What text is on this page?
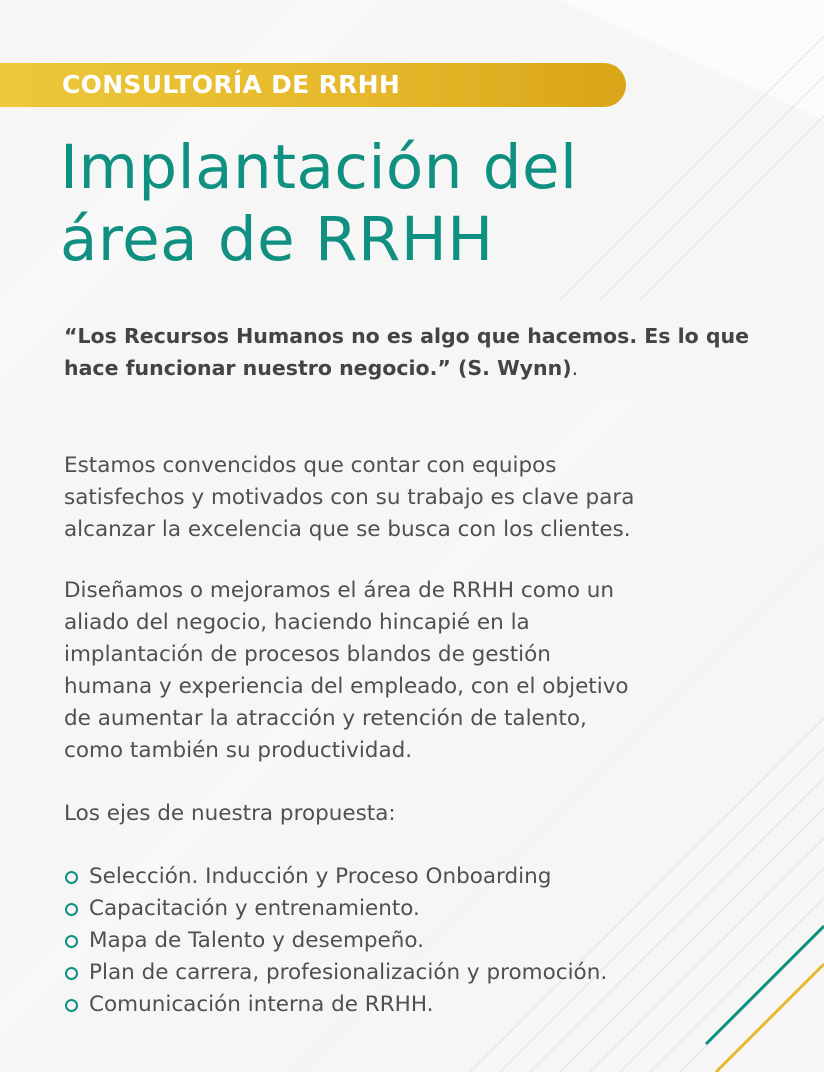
CONSULTORÍA DE RRHH
Implantación del
área de RRHH

“Los Recursos Humanos no es algo que hacemos. Es lo que hace funcionar nuestro negocio.” (S. Wynn).

Estamos convencidos que contar con equipos
satisfechos y motivados con su trabajo es clave para
alcanzar la excelencia que se busca con los clientes.

Diseñamos o mejoramos el área de RRHH como un
aliado del negocio, haciendo hincapié en la
implantación de procesos blandos de gestión
humana y experiencia del empleado, con el objetivo
de aumentar la atracción y retención de talento,
como también su productividad.

Los ejes de nuestra propuesta:

Selección. Inducción y Proceso Onboarding
Capacitación y entrenamiento.
Mapa de Talento y desempeño.
Plan de carrera, profesionalización y promoción.
Comunicación interna de RRHH.
